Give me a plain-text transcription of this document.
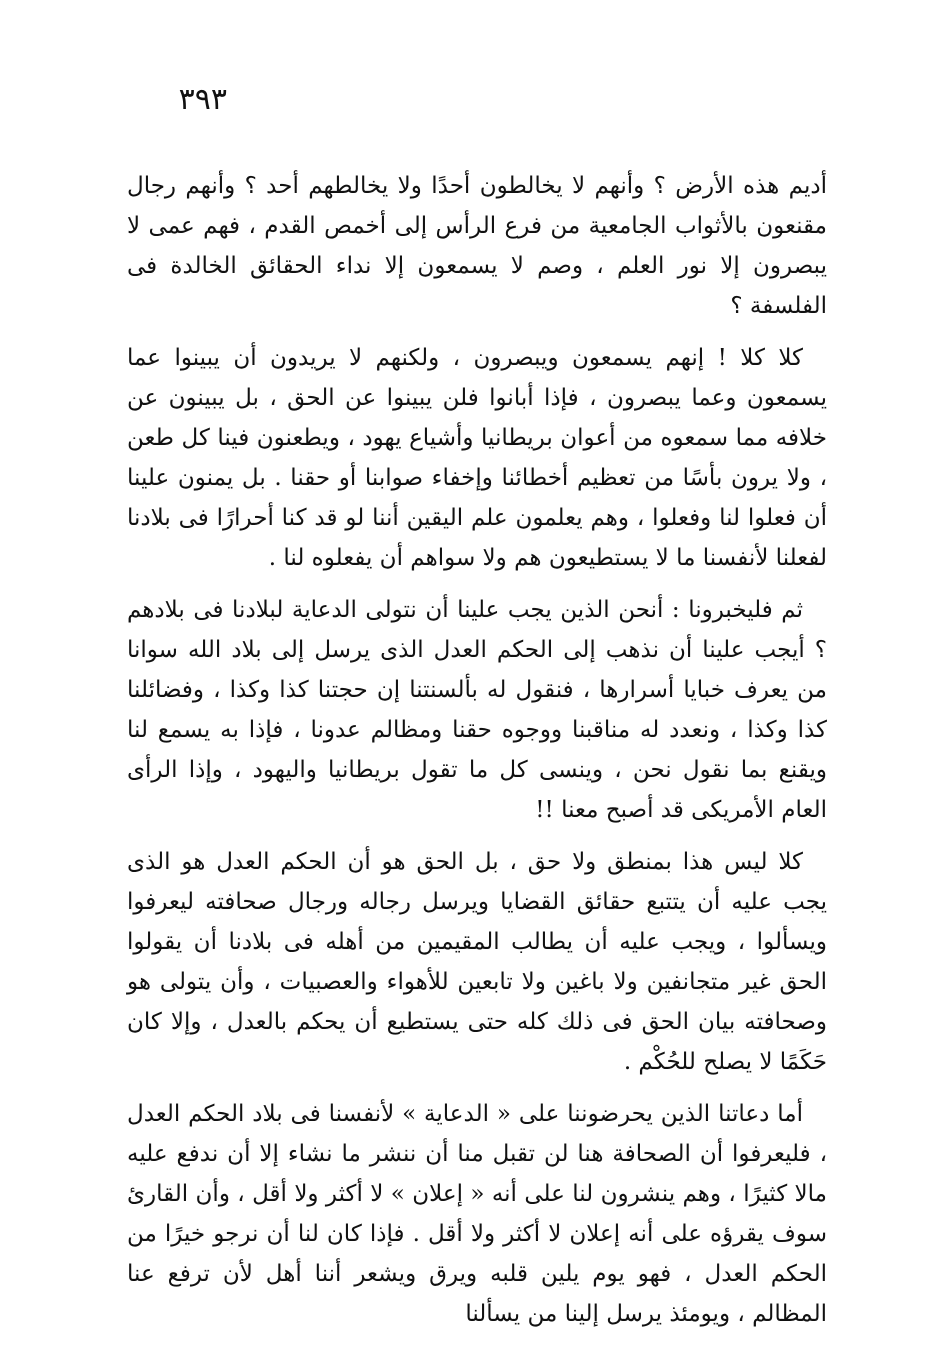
٣٩٣

أديم هذه الأرض ؟ وأنهم لا يخالطون أحدًا ولا يخالطهم أحد ؟ وأنهم رجال مقنعون بالأثواب الجامعية من فرع الرأس إلى أخمص القدم ، فهم عمى لا يبصرون إلا نور العلم ، وصم لا يسمعون إلا نداء الحقائق الخالدة فى الفلسفة ؟

كلا كلا ! إنهم يسمعون ويبصرون ، ولكنهم لا يريدون أن يبينوا عما يسمعون وعما يبصرون ، فإذا أبانوا فلن يبينوا عن الحق ، بل يبينون عن خلافه مما سمعوه من أعوان بريطانيا وأشياع يهود ، ويطعنون فينا كل طعن ، ولا يرون بأسًا من تعظيم أخطائنا وإخفاء صوابنا أو حقنا . بل يمنون علينا أن فعلوا لنا وفعلوا ، وهم يعلمون علم اليقين أننا لو قد كنا أحرارًا فى بلادنا لفعلنا لأنفسنا ما لا يستطيعون هم ولا سواهم أن يفعلوه لنا .

ثم فليخبرونا : أنحن الذين يجب علينا أن نتولى الدعاية لبلادنا فى بلادهم ؟ أيجب علينا أن نذهب إلى الحكم العدل الذى يرسل إلى بلاد الله سوانا من يعرف خبايا أسرارها ، فنقول له بألسنتنا إن حجتنا كذا وكذا ، وفضائلنا كذا وكذا ، ونعدد له مناقبنا ووجوه حقنا ومظالم عدونا ، فإذا به يسمع لنا ويقنع بما نقول نحن ، وينسى كل ما تقول بريطانيا واليهود ، وإذا الرأى العام الأمريكى قد أصبح معنا !!

كلا ليس هذا بمنطق ولا حق ، بل الحق هو أن الحكم العدل هو الذى يجب عليه أن يتتبع حقائق القضايا ويرسل رجاله ورجال صحافته ليعرفوا ويسألوا ، ويجب عليه أن يطالب المقيمين من أهله فى بلادنا أن يقولوا الحق غير متجانفين ولا باغين ولا تابعين للأهواء والعصبيات ، وأن يتولى هو وصحافته بيان الحق فى ذلك كله حتى يستطيع أن يحكم بالعدل ، وإلا كان حَكَمًا لا يصلح للحُكْم .

أما دعاتنا الذين يحرضوننا على « الدعاية » لأنفسنا فى بلاد الحكم العدل ، فليعرفوا أن الصحافة هنا لن تقبل منا أن ننشر ما نشاء إلا أن ندفع عليه مالا كثيرًا ، وهم ينشرون لنا على أنه « إعلان » لا أكثر ولا أقل ، وأن القارئ سوف يقرؤه على أنه إعلان لا أكثر ولا أقل . فإذا كان لنا أن نرجو خيرًا من الحكم العدل ، فهو يوم يلين قلبه ويرق ويشعر أننا أهل لأن ترفع عنا المظالم ، ويومئذ يرسل إلينا من يسألنا
